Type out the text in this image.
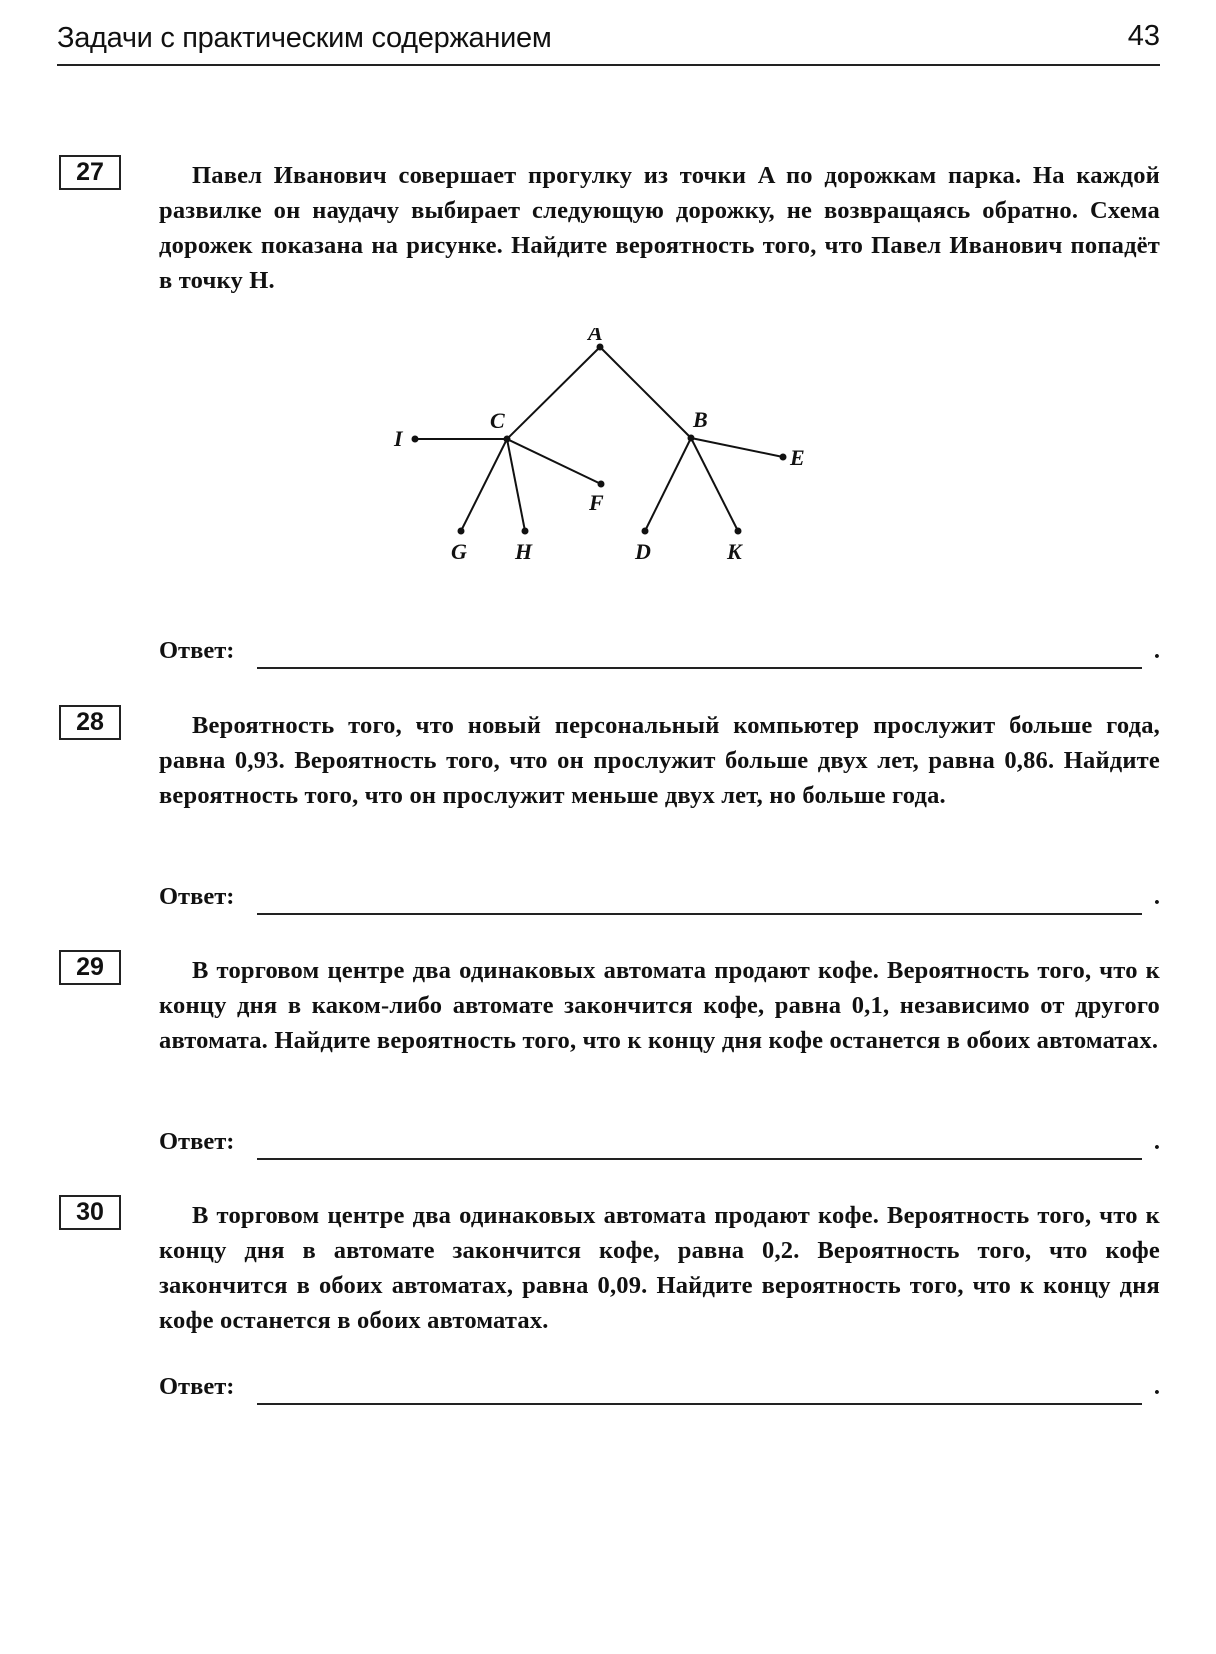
Задачи с практическим содержанием	43
27	Павел Иванович совершает прогулку из точки A по дорожкам парка. На каждой развилке он наудачу выбирает следующую дорожку, не возвращаясь обратно. Схема дорожек показана на рисунке. Найдите вероятность того, что Павел Иванович попадёт в точку H.

A
C	B
I
E
F
G H	D	K
Ответ:	.
28	Вероятность того, что новый персональный компьютер прослужит больше года, равна 0,93. Вероятность того, что он прослужит больше двух лет, равна 0,86. Найдите вероятность того, что он прослужит меньше двух лет, но больше года.

Ответ:	.
29	В торговом центре два одинаковых автомата продают кофе. Вероятность того, что к концу дня в каком-либо автомате закончится кофе, равна 0,1, независимо от другого автомата. Найдите вероятность того, что к концу дня кофе останется в обоих автоматах.

Ответ:	.
30	В торговом центре два одинаковых автомата продают кофе. Вероятность того, что к концу дня в автомате закончится кофе, равна 0,2. Вероятность того, что кофе закончится в обоих автоматах, равна 0,09. Найдите вероятность того, что к концу дня кофе останется в обоих автоматах.

Ответ:	.
